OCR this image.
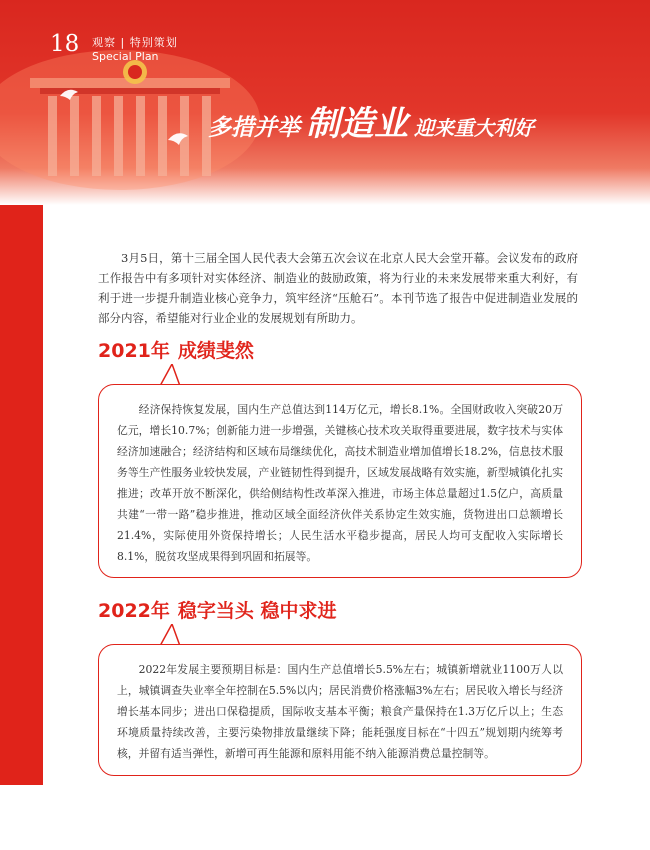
18 观察 | 特别策划
Special Plan
多措并举 制造业 迎来重大利好

3月5日，第十三届全国人民代表大会第五次会议在北京人民大会堂开幕。会议发布的政府工作报告中有多项针对实体经济、制造业的鼓励政策，将为行业的未来发展带来重大利好，有利于进一步提升制造业核心竞争力，筑牢经济“压舱石”。本刊节选了报告中促进制造业发展的部分内容，希望能对行业企业的发展规划有所助力。

2021年 成绩斐然

经济保持恢复发展，国内生产总值达到114万亿元，增长8.1%。全国财政收入突破20万亿元，增长10.7%；创新能力进一步增强，关键核心技术攻关取得重要进展，数字技术与实体经济加速融合；经济结构和区域布局继续优化，高技术制造业增加值增长18.2%，信息技术服务等生产性服务业较快发展，产业链韧性得到提升，区域发展战略有效实施，新型城镇化扎实推进；改革开放不断深化，供给侧结构性改革深入推进，市场主体总量超过1.5亿户，高质量共建“一带一路”稳步推进，推动区域全面经济伙伴关系协定生效实施，货物进出口总额增长21.4%，实际使用外资保持增长；人民生活水平稳步提高，居民人均可支配收入实际增长8.1%，脱贫攻坚成果得到巩固和拓展等。

2022年 稳字当头 稳中求进

2022年发展主要预期目标是：国内生产总值增长5.5%左右；城镇新增就业1100万人以上，城镇调查失业率全年控制在5.5%以内；居民消费价格涨幅3%左右；居民收入增长与经济增长基本同步；进出口保稳提质，国际收支基本平衡；粮食产量保持在1.3万亿斤以上；生态环境质量持续改善，主要污染物排放量继续下降；能耗强度目标在“十四五”规划期内统筹考核，并留有适当弹性，新增可再生能源和原料用能不纳入能源消费总量控制等。
